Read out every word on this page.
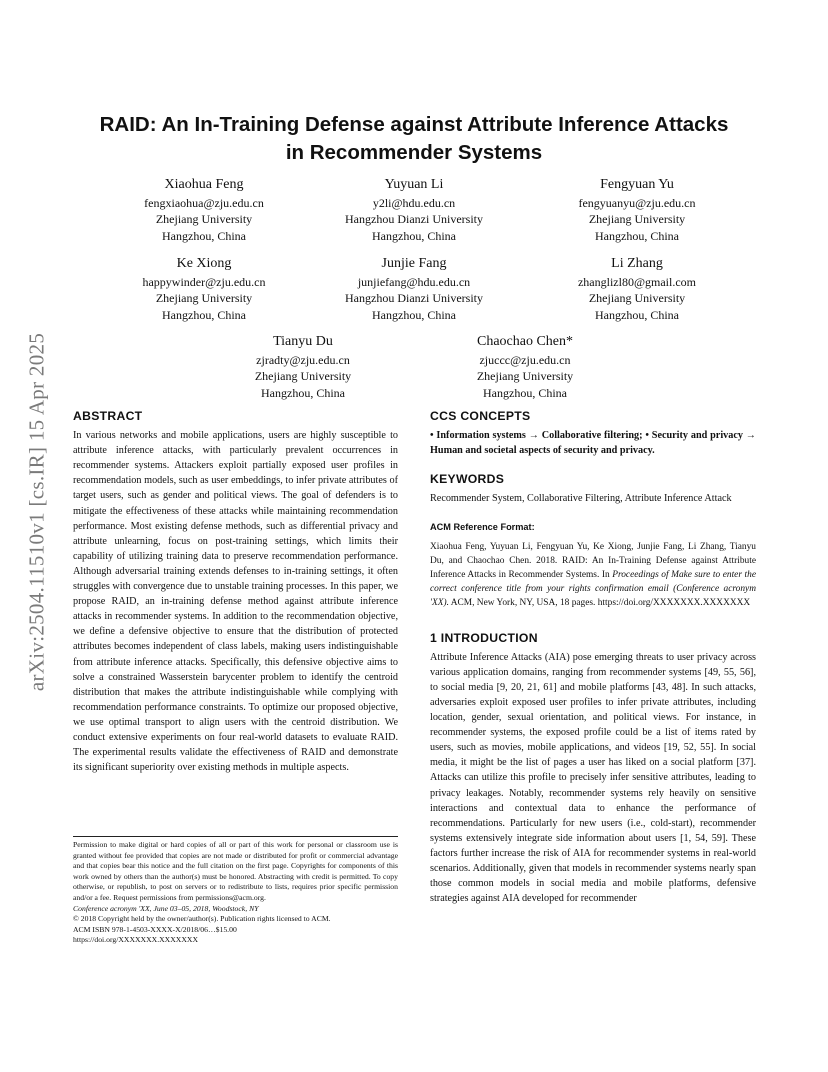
arXiv:2504.11510v1 [cs.IR] 15 Apr 2025
RAID: An In-Training Defense against Attribute Inference Attacks
in Recommender Systems
Xiaohua Feng
fengxiaohua@zju.edu.cn
Zhejiang University
Hangzhou, China
Yuyuan Li
y2li@hdu.edu.cn
Hangzhou Dianzi University
Hangzhou, China
Fengyuan Yu
fengyuanyu@zju.edu.cn
Zhejiang University
Hangzhou, China
Ke Xiong
happywinder@zju.edu.cn
Zhejiang University
Hangzhou, China
Junjie Fang
junjiefang@hdu.edu.cn
Hangzhou Dianzi University
Hangzhou, China
Li Zhang
zhanglizl80@gmail.com
Zhejiang University
Hangzhou, China
Tianyu Du
zjradty@zju.edu.cn
Zhejiang University
Hangzhou, China
Chaochao Chen*
zjuccc@zju.edu.cn
Zhejiang University
Hangzhou, China
ABSTRACT

In various networks and mobile applications, users are highly susceptible to attribute inference attacks, with particularly prevalent occurrences in recommender systems. Attackers exploit partially exposed user profiles in recommendation models, such as user embeddings, to infer private attributes of target users, such as gender and political views. The goal of defenders is to mitigate the effectiveness of these attacks while maintaining recommendation performance. Most existing defense methods, such as differential privacy and attribute unlearning, focus on post-training settings, which limits their capability of utilizing training data to preserve recommendation performance. Although adversarial training extends defenses to in-training settings, it often struggles with convergence due to unstable training processes. In this paper, we propose RAID, an in-training defense method against attribute inference attacks in recommender systems. In addition to the recommendation objective, we define a defensive objective to ensure that the distribution of protected attributes becomes independent of class labels, making users indistinguishable from attribute inference attacks. Specifically, this defensive objective aims to solve a constrained Wasserstein barycenter problem to identify the centroid distribution that makes the attribute indistinguishable while complying with recommendation performance constraints. To optimize our proposed objective, we use optimal transport to align users with the centroid distribution. We conduct extensive experiments on four real-world datasets to evaluate RAID. The experimental results validate the effectiveness of RAID and demonstrate its significant superiority over existing methods in multiple aspects.

Permission to make digital or hard copies of all or part of this work for personal or classroom use is granted without fee provided that copies are not made or distributed for profit or commercial advantage and that copies bear this notice and the full citation on the first page. Copyrights for components of this work owned by others than the author(s) must be honored. Abstracting with credit is permitted. To copy otherwise, or republish, to post on servers or to redistribute to lists, requires prior specific permission and/or a fee. Request permissions from permissions@acm.org.

Conference acronym 'XX, June 03–05, 2018, Woodstock, NY

© 2018 Copyright held by the owner/author(s). Publication rights licensed to ACM.

ACM ISBN 978-1-4503-XXXX-X/2018/06…$15.00

https://doi.org/XXXXXXX.XXXXXXX

CCS CONCEPTS

• Information systems → Collaborative filtering; • Security and privacy → Human and societal aspects of security and privacy.

KEYWORDS

Recommender System, Collaborative Filtering, Attribute Inference Attack

ACM Reference Format:

Xiaohua Feng, Yuyuan Li, Fengyuan Yu, Ke Xiong, Junjie Fang, Li Zhang, Tianyu Du, and Chaochao Chen. 2018. RAID: An In-Training Defense against Attribute Inference Attacks in Recommender Systems. In Proceedings of Make sure to enter the correct conference title from your rights confirmation email (Conference acronym 'XX). ACM, New York, NY, USA, 18 pages. https://doi.org/XXXXXXX.XXXXXXX

1 INTRODUCTION

Attribute Inference Attacks (AIA) pose emerging threats to user privacy across various application domains, ranging from recommender systems [49, 55, 56], to social media [9, 20, 21, 61] and mobile platforms [43, 48]. In such attacks, adversaries exploit exposed user profiles to infer private attributes, including location, gender, sexual orientation, and political views. For instance, in recommender systems, the exposed profile could be a list of items rated by users, such as movies, mobile applications, and videos [19, 52, 55]. In social media, it might be the list of pages a user has liked on a social platform [37]. Attacks can utilize this profile to precisely infer sensitive attributes, leading to privacy leakages. Notably, recommender systems rely heavily on sensitive interactions and contextual data to enhance the performance of recommendations. Particularly for new users (i.e., cold-start), recommender systems extensively integrate side information about users [1, 54, 59]. These factors further increase the risk of AIA for recommender systems in real-world scenarios. Additionally, given that models in recommender systems nearly span those common models in social media and mobile platforms, defensive strategies against AIA developed for recommender
